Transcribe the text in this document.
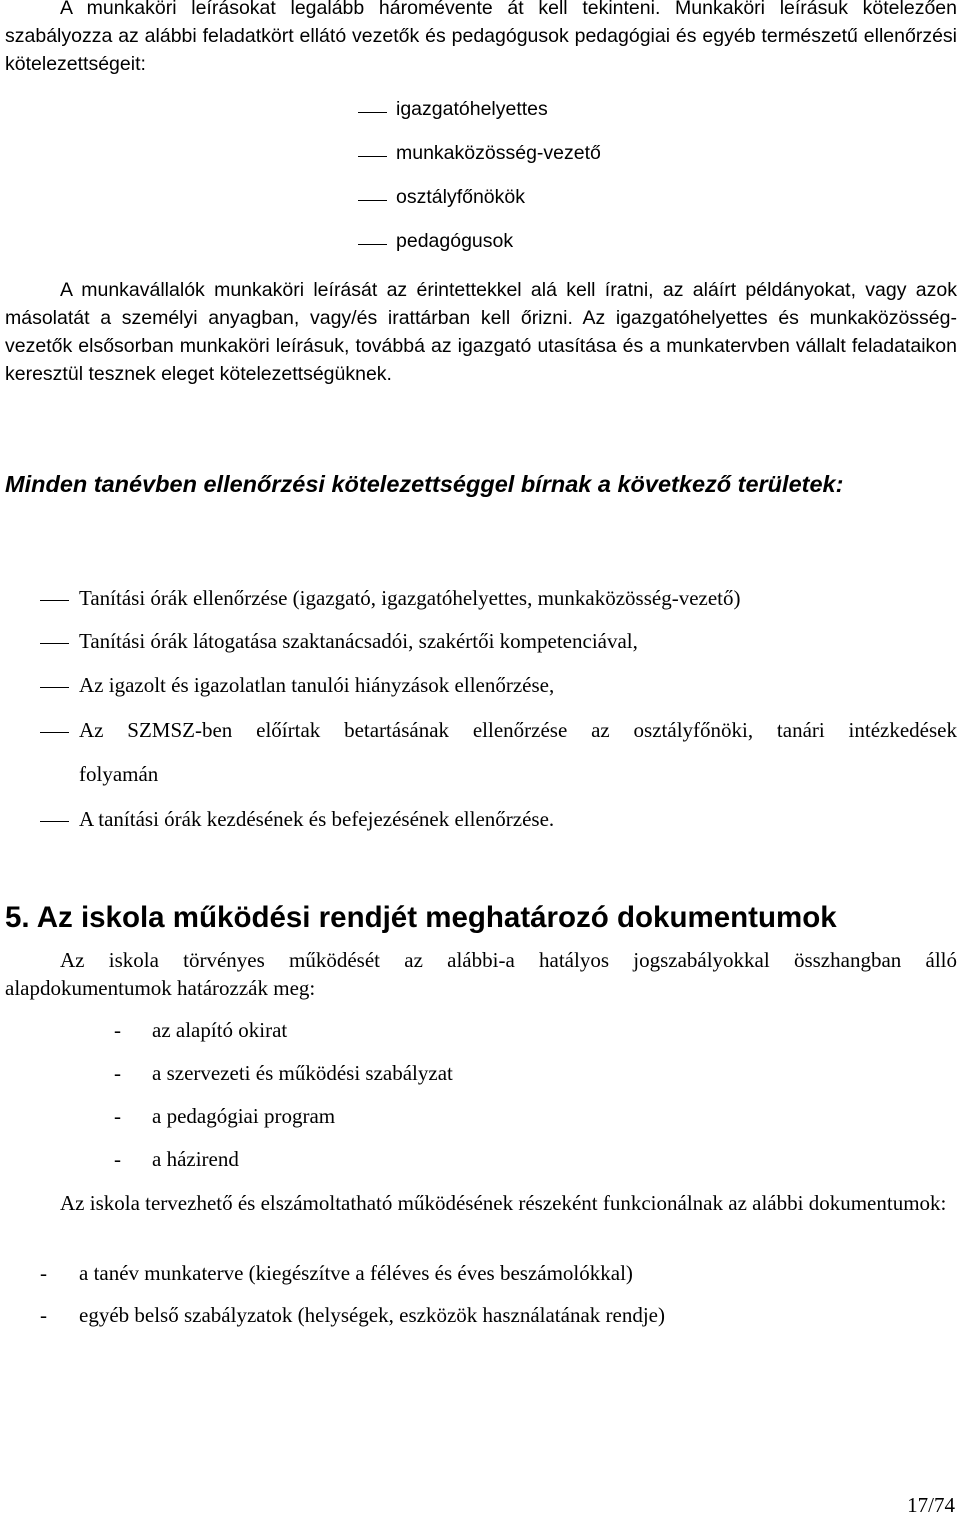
A munkaköri leírásokat legalább háromévente át kell tekinteni. Munkaköri leírásuk kötelezően szabályozza az alábbi feladatkört ellátó vezetők és pedagógusok pedagógiai és egyéb természetű ellenőrzési kötelezettségeit:
igazgatóhelyettes
munkaközösség-vezető
osztályfőnökök
pedagógusok
A munkavállalók munkaköri leírását az érintettekkel alá kell íratni, az aláírt példányokat, vagy azok másolatát a személyi anyagban, vagy/és irattárban kell őrizni. Az igazgatóhelyettes és munkaközösség-vezetők elsősorban munkaköri leírásuk, továbbá az igazgató utasítása és a munkatervben vállalt feladataikon keresztül tesznek eleget kötelezettségüknek.
Minden tanévben ellenőrzési kötelezettséggel bírnak a következő területek:
Tanítási órák ellenőrzése (igazgató, igazgatóhelyettes, munkaközösség-vezető)
Tanítási órák látogatása szaktanácsadói, szakértői kompetenciával,
Az igazolt és igazolatlan tanulói hiányzások ellenőrzése,
Az SZMSZ-ben előírtak betartásának ellenőrzése az osztályfőnöki, tanári intézkedések
folyamán
A tanítási órák kezdésének és befejezésének ellenőrzése.
5. Az iskola működési rendjét meghatározó dokumentumok
Az iskola törvényes működését az alábbi-a hatályos jogszabályokkal összhangban álló alapdokumentumok határozzák meg:
- az alapító okirat
- a szervezeti és működési szabályzat
- a pedagógiai program
- a házirend
Az iskola tervezhető és elszámoltatható működésének részeként funkcionálnak az alábbi dokumentumok:
- a tanév munkaterve (kiegészítve a féléves és éves beszámolókkal)
- egyéb belső szabályzatok (helységek, eszközök használatának rendje)
17/74
